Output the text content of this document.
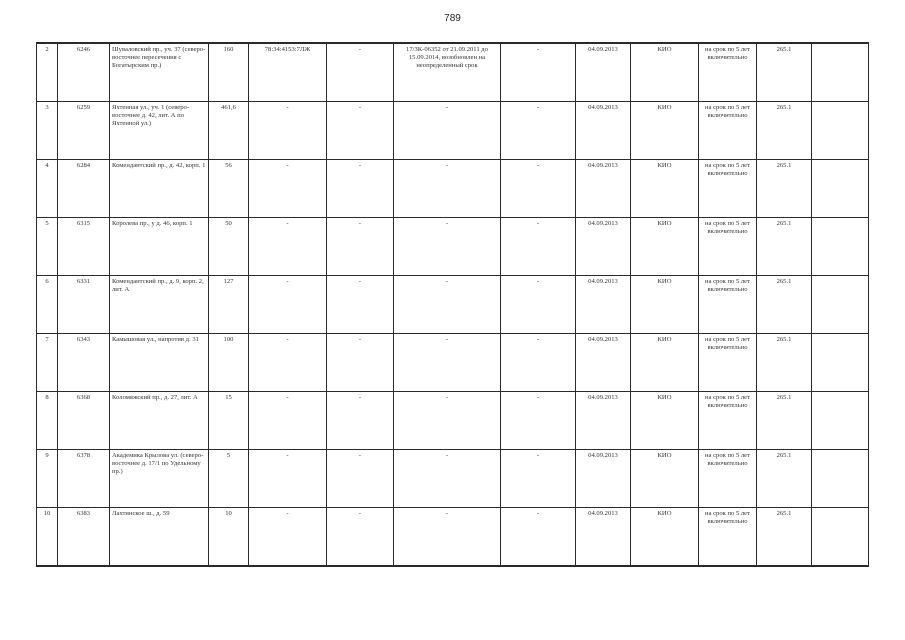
789
2	6246	Шуваловский пр., уч. 37 (северо-восточнее пересечения с Богатырским пр.)	160	78:34:4153:7ЛЖ	-	17/ЗК-06352 от 21.09.2011 до 15.09.2014, возобновлен на неопределенный срок	-	04.09.2013	КИО	на срок по 5 лет включительно	265.1	
3	6259	Яхтенная ул., уч. 1 (северо-восточнее д. 42, лит. А по Яхтенной ул.)	461,6	-	-	-	-	04.09.2013	КИО	на срок по 5 лет включительно	265.1	
4	6284	Комендантский пр., д. 42, корп. 1	56	-	-	-	-	04.09.2013	КИО	на срок по 5 лет включительно	265.1	
5	6315	Королева пр., у д. 46, корп. 1	50	-	-	-	-	04.09.2013	КИО	на срок по 5 лет включительно	265.1	
6	6331	Комендантский пр., д. 9, корп. 2, лит. А	127	-	-	-	-	04.09.2013	КИО	на срок по 5 лет включительно	265.1	
7	6343	Камышовая ул., напротив д. 31	100	-	-	-	-	04.09.2013	КИО	на срок по 5 лет включительно	265.1	
8	6368	Коломяжский пр., д. 27, лит. А	15	-	-	-	-	04.09.2013	КИО	на срок по 5 лет включительно	265.1	
9	6378	Академика Крылова ул. (северо-восточнее д. 17/1 по Удельному пр.)	5	-	-	-	-	04.09.2013	КИО	на срок по 5 лет включительно	265.1	
10	6383	Лахтинское ш., д. 59	10	-	-	-	-	04.09.2013	КИО	на срок по 5 лет включительно	265.1	
